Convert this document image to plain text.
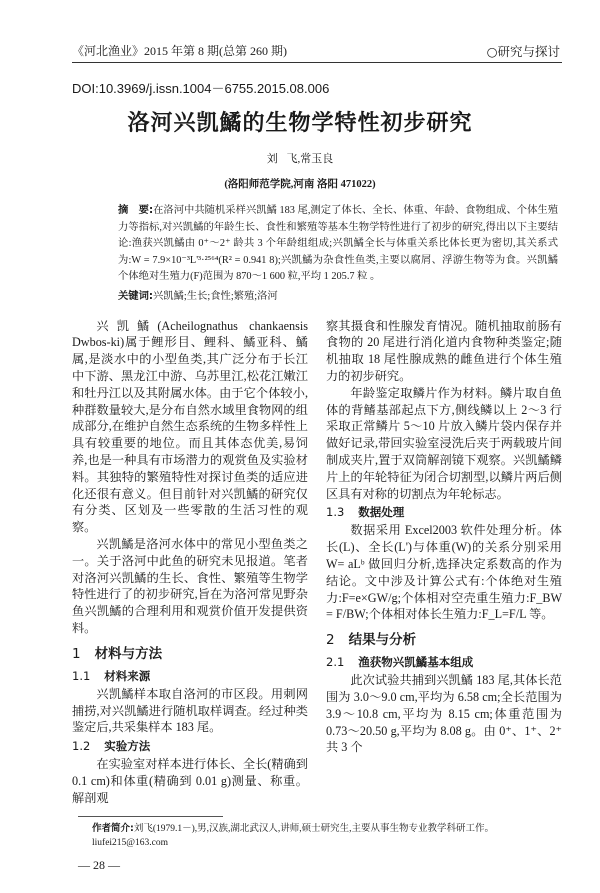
《河北渔业》2015 年第 8 期(总第 260 期)	○研究与探讨
DOI:10.3969/j.issn.1004－6755.2015.08.006
洛河兴凯鱊的生物学特性初步研究
刘 飞,常玉良
(洛阳师范学院,河南 洛阳 471022)
摘　要:在洛河中共随机采样兴凯鱊 183 尾,测定了体长、全长、体重、年龄、食物组成、个体生殖力等指标,对兴凯鱊的年龄生长、食性和繁殖等基本生物学特性进行了初步的研究,得出以下主要结论:渔获兴凯鱊由 0⁺～2⁺ 龄共 3 个年龄组组成;兴凯鱊全长与体重关系比体长更为密切,其关系式为:W = 7.9×10⁻³L'³·²⁵⁶⁴(R² = 0.941 8);兴凯鱊为杂食性鱼类,主要以腐屑、浮游生物等为食。兴凯鱊个体绝对生殖力(F)范围为 870～1 600 粒,平均 1 205.7 粒 。
关键词:兴凯鱊;生长;食性;繁殖;洛河

兴凯鱊(Acheilognathus chankaensis Dwbos-ki)属于鲤形目、鲤科、鱊亚科、鱊属,是淡水中的小型鱼类,其广泛分布于长江中下游、黑龙江中游、乌苏里江,松花江嫩江和牡丹江以及其附属水体。由于它个体较小,种群数量较大,是分布自然水域里食物网的组成部分,在维护自然生态系统的生物多样性上具有较重要的地位。而且其体态优美,易饲养,也是一种具有市场潜力的观赏鱼及实验材料。其独特的繁殖特性对探讨鱼类的适应进化还很有意义。但目前针对兴凯鱊的研究仅有分类、区划及一些零散的生活习性的观察。

兴凯鱊是洛河水体中的常见小型鱼类之一。关于洛河中此鱼的研究未见报道。笔者对洛河兴凯鱊的生长、食性、繁殖等生物学特性进行了的初步研究,旨在为洛河常见野杂鱼兴凯鱊的合理利用和观赏价值开发提供资料。

1 材料与方法
1.1 材料来源

兴凯鱊样本取自洛河的市区段。用刺网捕捞,对兴凯鱊进行随机取样调查。经过种类鉴定后,共采集样本 183 尾。

1.2 实验方法

在实验室对样本进行体长、全长(精确到 0.1 cm)和体重(精确到 0.01 g)测量、称重。解剖观

察其摄食和性腺发育情况。随机抽取前肠有食物的 20 尾进行消化道内食物种类鉴定;随机抽取 18 尾性腺成熟的雌鱼进行个体生殖力的初步研究。

年龄鉴定取鳞片作为材料。鳞片取自鱼体的背鳍基部起点下方,侧线鳞以上 2～3 行采取正常鳞片 5～10 片放入鳞片袋内保存并做好记录,带回实验室浸洗后夹于两载玻片间制成夹片,置于双筒解剖镜下观察。兴凯鱊鳞片上的年轮特征为闭合切割型,以鳞片两后侧区具有对称的切割点为年轮标志。

1.3 数据处理

数据采用 Excel2003 软件处理分析。体长(L)、全长(L')与体重(W)的关系分别采用 W= aLᵇ 做回归分析,选择决定系数高的作为结论。文中涉及计算公式有:个体绝对生殖力:F=e×GW/g;个体相对空壳重生殖力:F_BW = F/BW;个体相对体长生殖力:F_L=F/L 等。

2 结果与分析
2.1 渔获物兴凯鱊基本组成

此次试验共捕到兴凯鱊 183 尾,其体长范围为 3.0～9.0 cm,平均为 6.58 cm;全长范围为 3.9～10.8 cm,平均为 8.15 cm;体重范围为 0.73～20.50 g,平均为 8.08 g。由 0⁺、1⁺、2⁺ 共 3 个

作者简介:刘飞(1979.1－),男,汉族,湖北武汉人,讲师,硕士研究生,主要从事生物专业教学科研工作。liufei215@163.com
— 28 —
